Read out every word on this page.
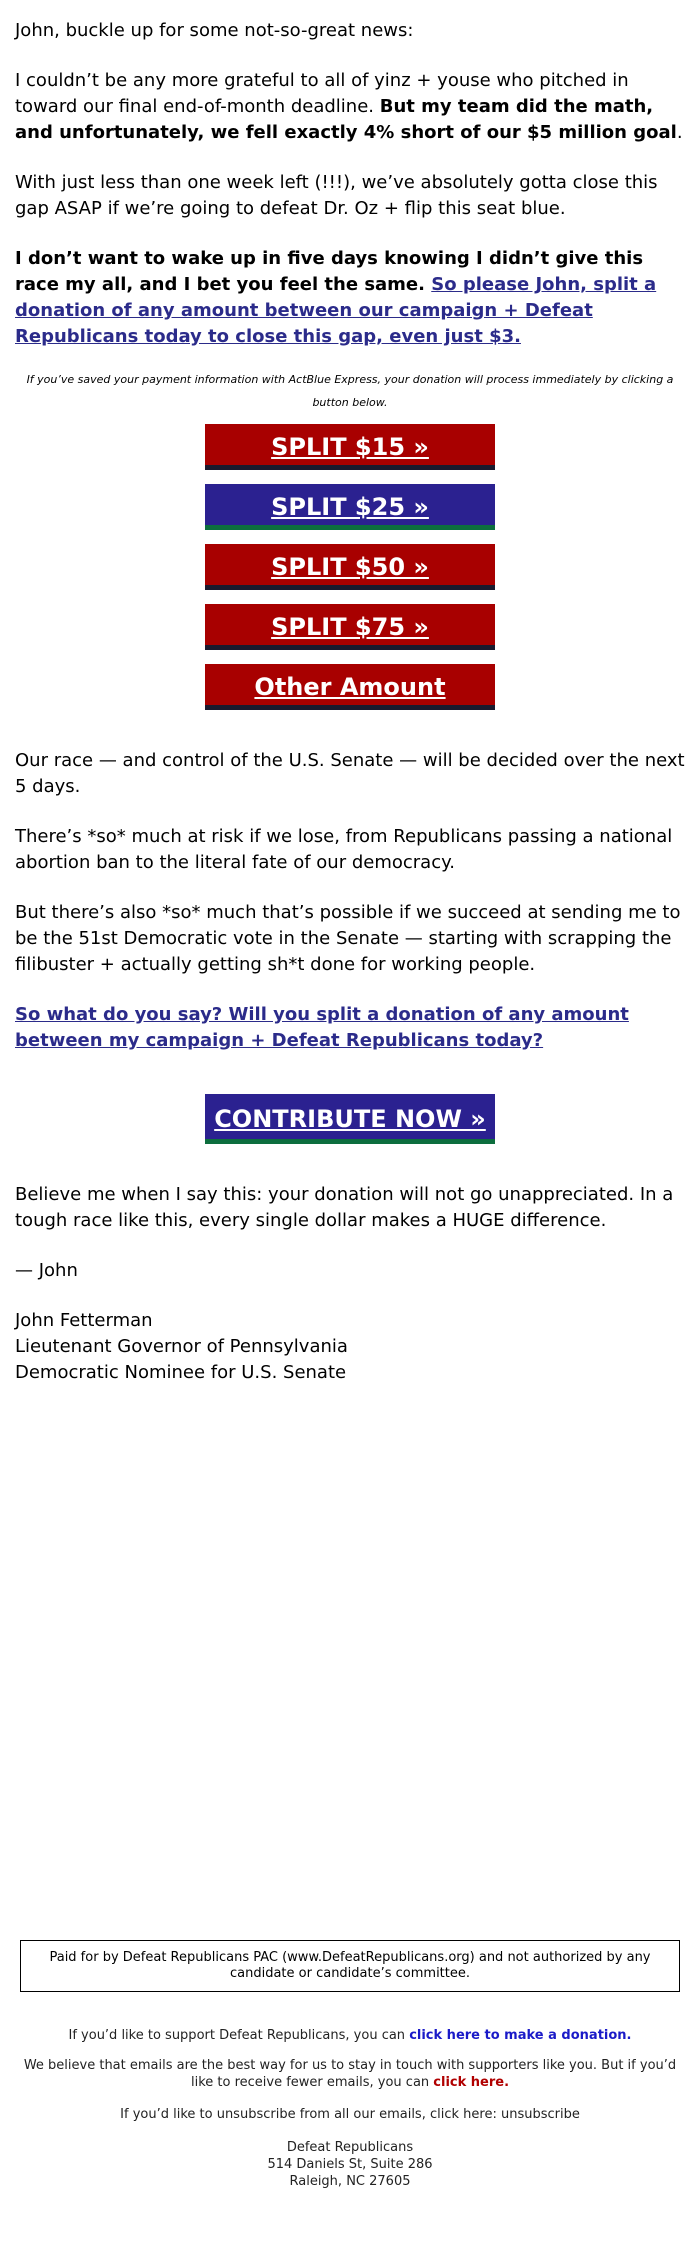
John, buckle up for some not-so-great news:

I couldn’t be any more grateful to all of yinz + youse who pitched in toward our final end-of-month deadline. But my team did the math, and unfortunately, we fell exactly 4% short of our $5 million goal.

With just less than one week left (!!!), we’ve absolutely gotta close this gap ASAP if we’re going to defeat Dr. Oz + flip this seat blue.

I don’t want to wake up in five days knowing I didn’t give this race my all, and I bet you feel the same. So please John, split a donation of any amount between our campaign + Defeat Republicans today to close this gap, even just $3.

If you’ve saved your payment information with ActBlue Express, your donation will process immediately by clicking a button below.

SPLIT $15 »
SPLIT $25 »
SPLIT $50 »
SPLIT $75 »
Other Amount

Our race — and control of the U.S. Senate — will be decided over the next 5 days.

There’s *so* much at risk if we lose, from Republicans passing a national abortion ban to the literal fate of our democracy.

But there’s also *so* much that’s possible if we succeed at sending me to be the 51st Democratic vote in the Senate — starting with scrapping the filibuster + actually getting sh*t done for working people.

So what do you say? Will you split a donation of any amount between my campaign + Defeat Republicans today?

CONTRIBUTE NOW »

Believe me when I say this: your donation will not go unappreciated. In a tough race like this, every single dollar makes a HUGE difference.

— John

John Fetterman

Lieutenant Governor of Pennsylvania

Democratic Nominee for U.S. Senate

Paid for by Defeat Republicans PAC (www.DefeatRepublicans.org) and not authorized by any candidate or candidate’s committee.
If you’d like to support Defeat Republicans, you can click here to make a donation.
We believe that emails are the best way for us to stay in touch with supporters like you. But if you’d like to receive fewer emails, you can click here.
If you’d like to unsubscribe from all our emails, click here: unsubscribe
Defeat Republicans
514 Daniels St, Suite 286
Raleigh, NC 27605
